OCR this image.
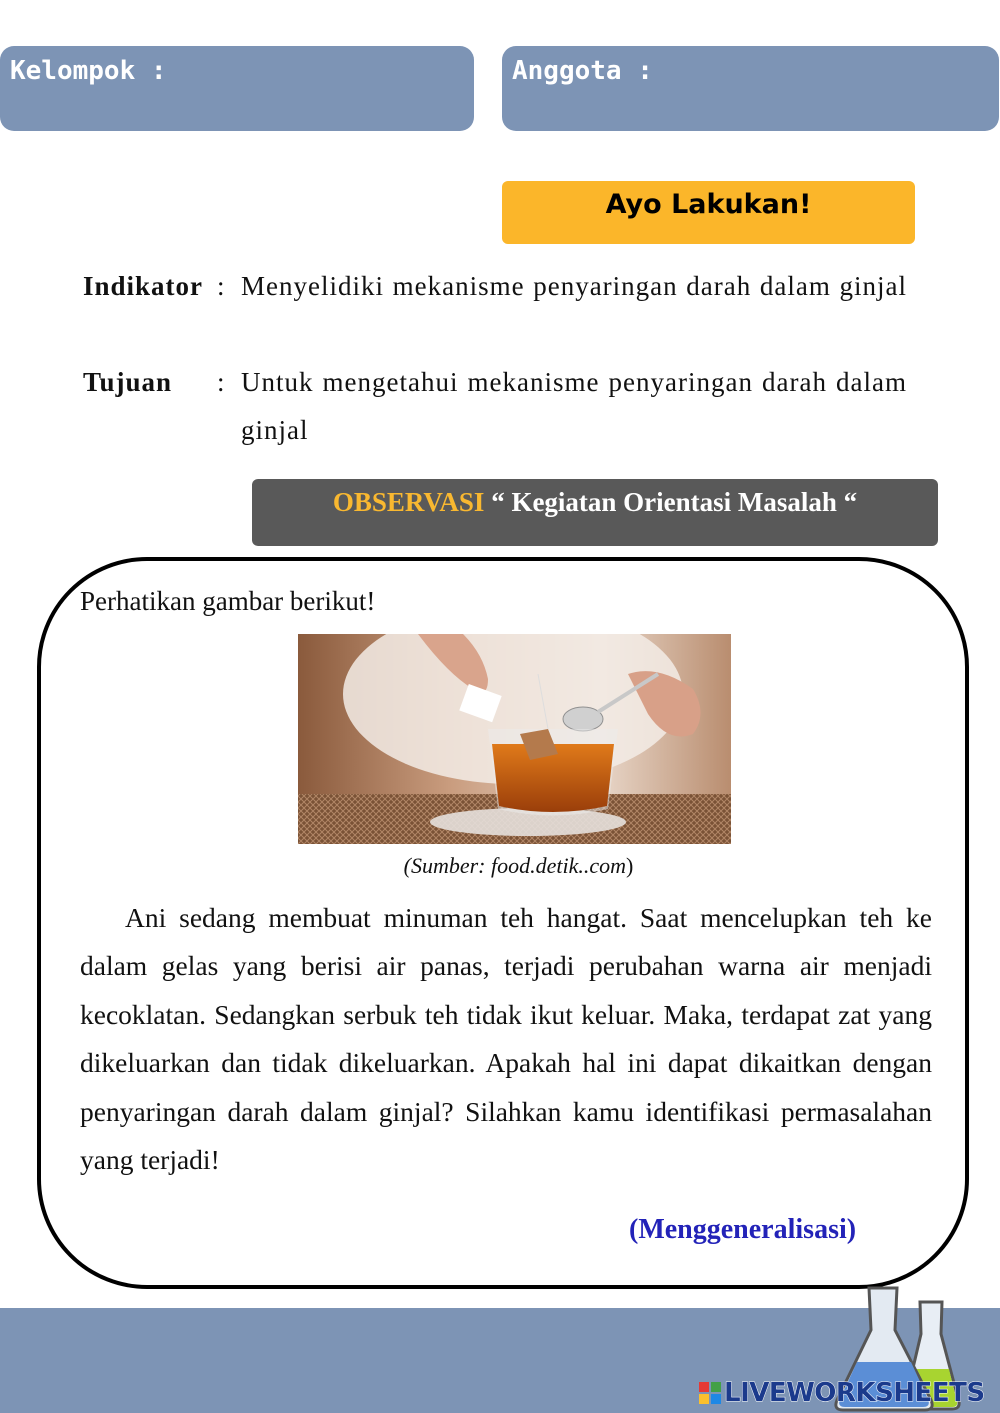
Kelompok :	Anggota :
Ayo Lakukan!
Indikator : Menyelidiki mekanisme penyaringan darah dalam ginjal
Tujuan	: Untuk mengetahui mekanisme penyaringan darah dalam ginjal
OBSERVASI “ Kegiatan Orientasi Masalah “
Perhatikan gambar berikut!
(Sumber: food.detik..com)

Ani sedang membuat minuman teh hangat. Saat mencelupkan teh ke dalam gelas yang berisi air panas, terjadi perubahan warna air menjadi kecoklatan. Sedangkan serbuk teh tidak ikut keluar. Maka, terdapat zat yang dikeluarkan dan tidak dikeluarkan. Apakah hal ini dapat dikaitkan dengan penyaringan darah dalam ginjal? Silahkan kamu identifikasi permasalahan yang terjadi!

(Menggeneralisasi)
LIVEWORKSHEETS
